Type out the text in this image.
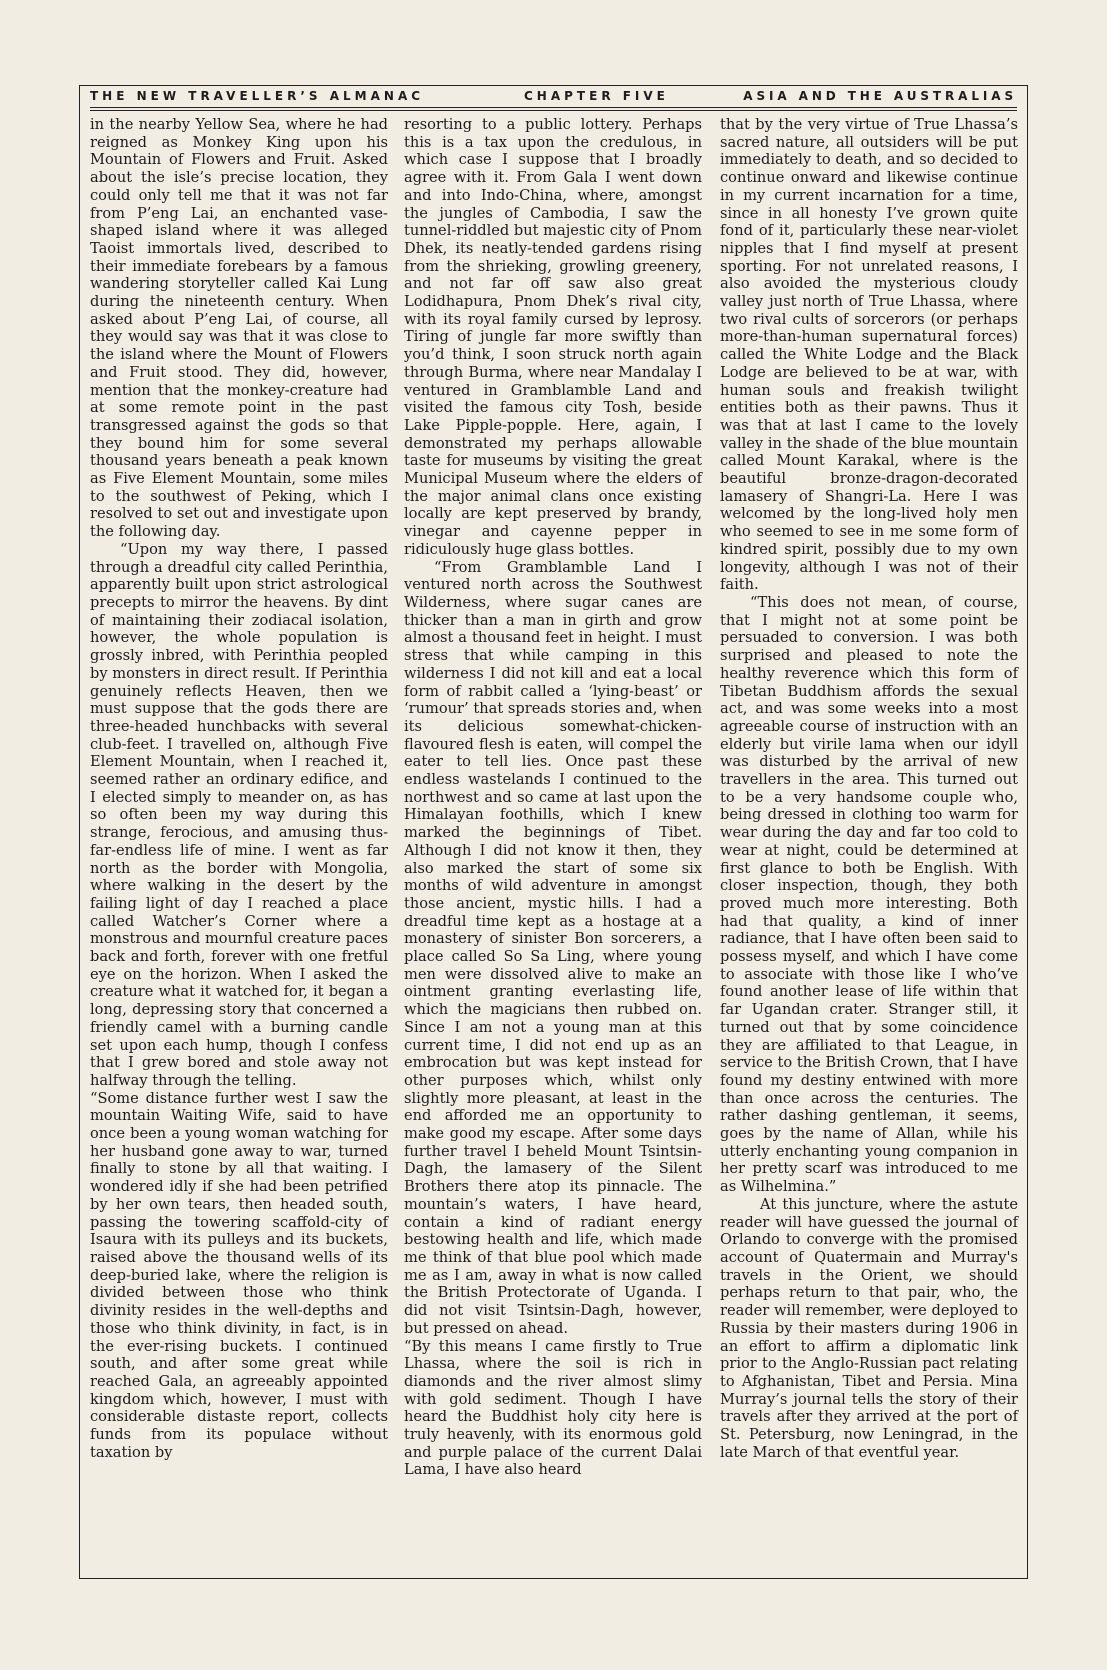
THE NEW TRAVELLER’S ALMANAC	CHAPTER FIVE	ASIA AND THE AUSTRALIAS

in the nearby Yellow Sea, where he had reigned as Monkey King upon his Mountain of Flowers and Fruit. Asked about the isle’s precise location, they could only tell me that it was not far from P’eng Lai, an enchanted vase-shaped island where it was alleged Taoist immortals lived, described to their immediate forebears by a famous wandering storyteller called Kai Lung during the nineteenth century. When asked about P’eng Lai, of course, all they would say was that it was close to the island where the Mount of Flowers and Fruit stood. They did, however, mention that the monkey-creature had at some remote point in the past transgressed against the gods so that they bound him for some several thousand years beneath a peak known as Five Element Mountain, some miles to the southwest of Peking, which I resolved to set out and investigate upon the following day.

“Upon my way there, I passed through a dreadful city called Perinthia, apparently built upon strict astrological precepts to mirror the heavens. By dint of maintaining their zodiacal isolation, however, the whole population is grossly inbred, with Perinthia peopled by monsters in direct result. If Perinthia genuinely reflects Heaven, then we must suppose that the gods there are three-headed hunchbacks with several club-feet. I travelled on, although Five Element Mountain, when I reached it, seemed rather an ordinary edifice, and I elected simply to meander on, as has so often been my way during this strange, ferocious, and amusing thus-far-endless life of mine. I went as far north as the border with Mongolia, where walking in the desert by the failing light of day I reached a place called Watcher’s Corner where a monstrous and mournful creature paces back and forth, forever with one fretful eye on the horizon. When I asked the creature what it watched for, it began a long, depressing story that concerned a friendly camel with a burning candle set upon each hump, though I confess that I grew bored and stole away not halfway through the telling.

“Some distance further west I saw the mountain Waiting Wife, said to have once been a young woman watching for her husband gone away to war, turned finally to stone by all that waiting. I wondered idly if she had been petrified by her own tears, then headed south, passing the towering scaffold-city of Isaura with its pulleys and its buckets, raised above the thousand wells of its deep-buried lake, where the religion is divided between those who think divinity resides in the well-depths and those who think divinity, in fact, is in the ever-rising buckets. I continued south, and after some great while reached Gala, an agreeably appointed kingdom which, however, I must with considerable distaste report, collects funds from its populace without taxation by

resorting to a public lottery. Perhaps this is a tax upon the credulous, in which case I suppose that I broadly agree with it. From Gala I went down and into Indo-China, where, amongst the jungles of Cambodia, I saw the tunnel-riddled but majestic city of Pnom Dhek, its neatly-tended gardens rising from the shrieking, growling greenery, and not far off saw also great Lodidhapura, Pnom Dhek’s rival city, with its royal family cursed by leprosy. Tiring of jungle far more swiftly than you’d think, I soon struck north again through Burma, where near Mandalay I ventured in Gramblamble Land and visited the famous city Tosh, beside Lake Pipple-popple. Here, again, I demonstrated my perhaps allowable taste for museums by visiting the great Municipal Museum where the elders of the major animal clans once existing locally are kept preserved by brandy, vinegar and cayenne pepper in ridiculously huge glass bottles.

“From Gramblamble Land I ventured north across the Southwest Wilderness, where sugar canes are thicker than a man in girth and grow almost a thousand feet in height. I must stress that while camping in this wilderness I did not kill and eat a local form of rabbit called a ‘lying-beast’ or ‘rumour’ that spreads stories and, when its delicious somewhat-chicken-flavoured flesh is eaten, will compel the eater to tell lies. Once past these endless wastelands I continued to the northwest and so came at last upon the Himalayan foothills, which I knew marked the beginnings of Tibet. Although I did not know it then, they also marked the start of some six months of wild adventure in amongst those ancient, mystic hills. I had a dreadful time kept as a hostage at a monastery of sinister Bon sorcerers, a place called So Sa Ling, where young men were dissolved alive to make an ointment granting everlasting life, which the magicians then rubbed on. Since I am not a young man at this current time, I did not end up as an embrocation but was kept instead for other purposes which, whilst only slightly more pleasant, at least in the end afforded me an opportunity to make good my escape. After some days further travel I beheld Mount Tsintsin-Dagh, the lamasery of the Silent Brothers there atop its pinnacle. The mountain’s waters, I have heard, contain a kind of radiant energy bestowing health and life, which made me think of that blue pool which made me as I am, away in what is now called the British Protectorate of Uganda. I did not visit Tsintsin-Dagh, however, but pressed on ahead.

“By this means I came firstly to True Lhassa, where the soil is rich in diamonds and the river almost slimy with gold sediment. Though I have heard the Buddhist holy city here is truly heavenly, with its enormous gold and purple palace of the current Dalai Lama, I have also heard

that by the very virtue of True Lhassa’s sacred nature, all outsiders will be put immediately to death, and so decided to continue onward and likewise continue in my current incarnation for a time, since in all honesty I’ve grown quite fond of it, particularly these near-violet nipples that I find myself at present sporting. For not unrelated reasons, I also avoided the mysterious cloudy valley just north of True Lhassa, where two rival cults of sorcerors (or perhaps more-than-human supernatural forces) called the White Lodge and the Black Lodge are believed to be at war, with human souls and freakish twilight entities both as their pawns. Thus it was that at last I came to the lovely valley in the shade of the blue mountain called Mount Karakal, where is the beautiful bronze-dragon-decorated lamasery of Shangri-La. Here I was welcomed by the long-lived holy men who seemed to see in me some form of kindred spirit, possibly due to my own longevity, although I was not of their faith.

“This does not mean, of course, that I might not at some point be persuaded to conversion. I was both surprised and pleased to note the healthy reverence which this form of Tibetan Buddhism affords the sexual act, and was some weeks into a most agreeable course of instruction with an elderly but virile lama when our idyll was disturbed by the arrival of new travellers in the area. This turned out to be a very handsome couple who, being dressed in clothing too warm for wear during the day and far too cold to wear at night, could be determined at first glance to both be English. With closer inspection, though, they both proved much more interesting. Both had that quality, a kind of inner radiance, that I have often been said to possess myself, and which I have come to associate with those like I who’ve found another lease of life within that far Ugandan crater. Stranger still, it turned out that by some coincidence they are affiliated to that League, in service to the British Crown, that I have found my destiny entwined with more than once across the centuries. The rather dashing gentleman, it seems, goes by the name of Allan, while his utterly enchanting young companion in her pretty scarf was introduced to me as Wilhelmina.”

At this juncture, where the astute reader will have guessed the journal of Orlando to converge with the promised account of Quatermain and Murray's travels in the Orient, we should perhaps return to that pair, who, the reader will remember, were deployed to Russia by their masters during 1906 in an effort to affirm a diplomatic link prior to the Anglo-Russian pact relating to Afghanistan, Tibet and Persia. Mina Murray’s journal tells the story of their travels after they arrived at the port of St. Petersburg, now Leningrad, in the late March of that eventful year.
